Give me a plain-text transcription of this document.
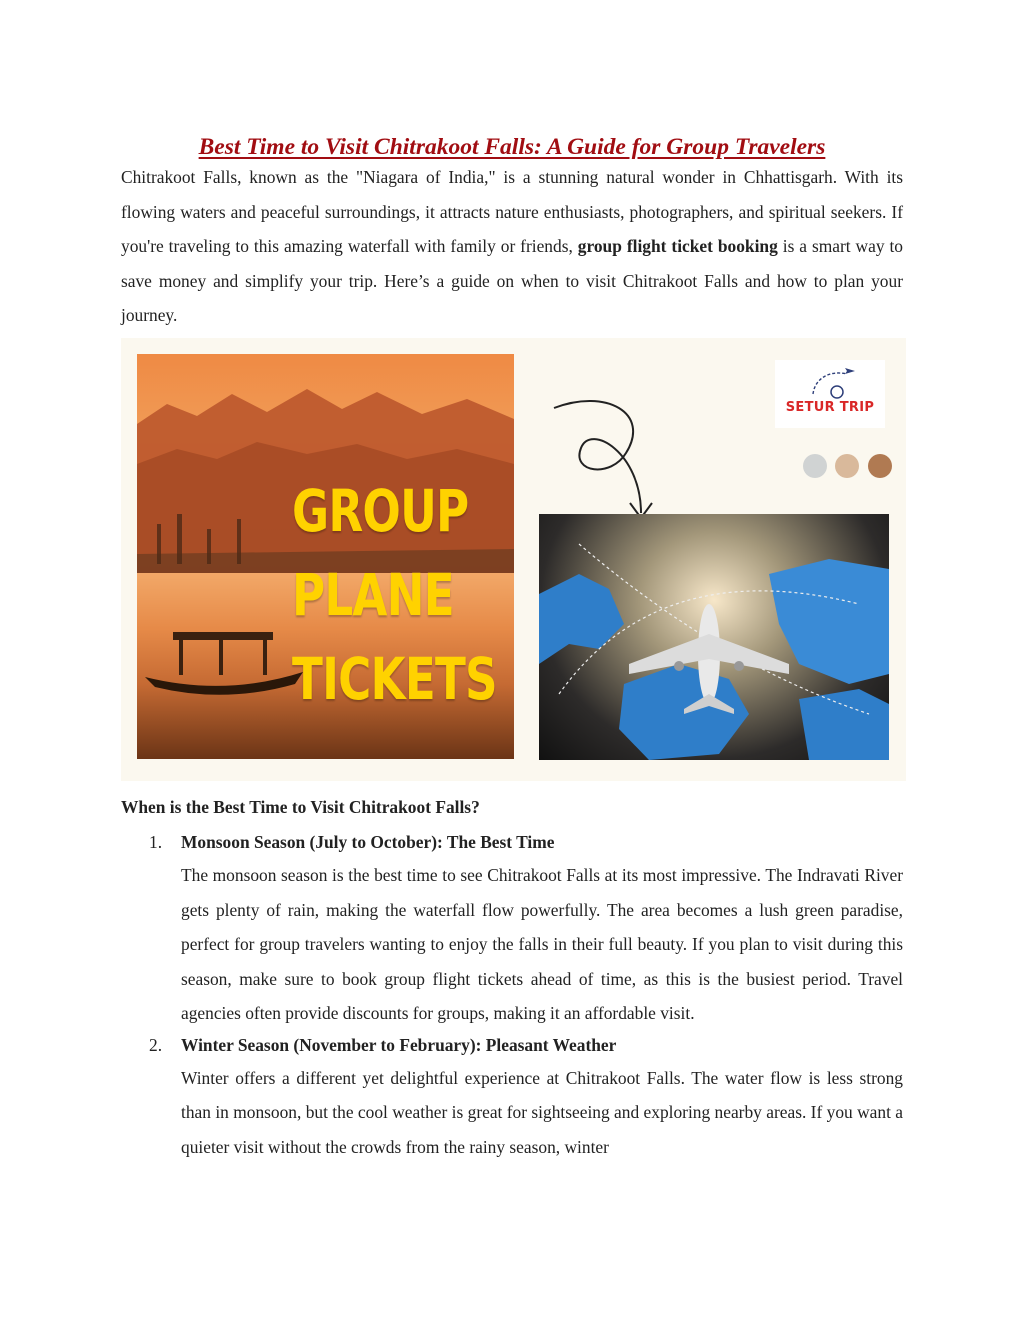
Best Time to Visit Chitrakoot Falls: A Guide for Group Travelers

Chitrakoot Falls, known as the "Niagara of India," is a stunning natural wonder in Chhattisgarh. With its flowing waters and peaceful surroundings, it attracts nature enthusiasts, photographers, and spiritual seekers. If you're traveling to this amazing waterfall with family or friends, group flight ticket booking is a smart way to save money and simplify your trip. Here’s a guide on when to visit Chitrakoot Falls and how to plan your journey.

GROUP
PLANE
TICKETS
SETUR TRIP
When is the Best Time to Visit Chitrakoot Falls?
1. Monsoon Season (July to October): The Best Time

The monsoon season is the best time to see Chitrakoot Falls at its most impressive. The Indravati River gets plenty of rain, making the waterfall flow powerfully. The area becomes a lush green paradise, perfect for group travelers wanting to enjoy the falls in their full beauty. If you plan to visit during this season, make sure to book group flight tickets ahead of time, as this is the busiest period. Travel agencies often provide discounts for groups, making it an affordable visit.

2. Winter Season (November to February): Pleasant Weather

Winter offers a different yet delightful experience at Chitrakoot Falls. The water flow is less strong than in monsoon, but the cool weather is great for sightseeing and exploring nearby areas. If you want a quieter visit without the crowds from the rainy season, winter
